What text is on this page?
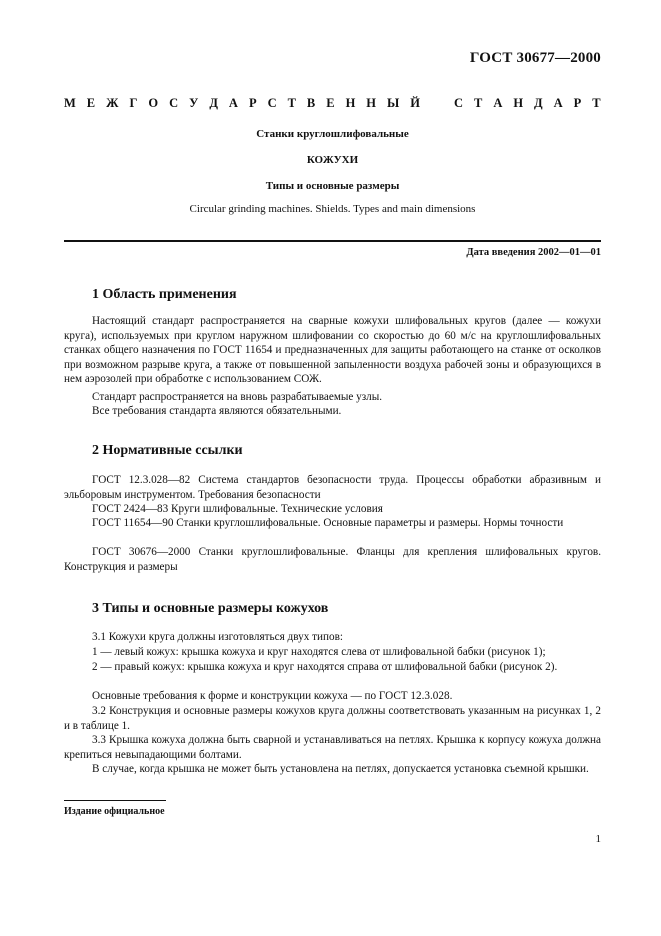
ГОСТ 30677—2000
М Е Ж Г О С У Д А Р С Т В Е Н Н Ы Й	С Т А Н Д А Р Т
Станки круглошлифовальные
КОЖУХИ
Типы и основные размеры
Circular grinding machines. Shields. Types and main dimensions
Дата введения 2002—01—01
1 Область применения

Настоящий стандарт распространяется на сварные кожухи шлифовальных кругов (далее — кожухи круга), используемых при круглом наружном шлифовании со скоростью до 60 м/с на круглошлифовальных станках общего назначения по ГОСТ 11654 и предназначенных для защиты работающего на станке от осколков при возможном разрыве круга, а также от повышенной запыленности воздуха рабочей зоны и образующихся в нем аэрозолей при обработке с использованием СОЖ.

Стандарт распространяется на вновь разрабатываемые узлы.

Все требования стандарта являются обязательными.

2 Нормативные ссылки

ГОСТ 12.3.028—82 Система стандартов безопасности труда. Процессы обработки абразивным и эльборовым инструментом. Требования безопасности

ГОСТ 2424—83 Круги шлифовальные. Технические условия

ГОСТ 11654—90 Станки круглошлифовальные. Основные параметры и размеры. Нормы точности

ГОСТ 30676—2000 Станки круглошлифовальные. Фланцы для крепления шлифовальных кругов. Конструкция и размеры

3 Типы и основные размеры кожухов

3.1 Кожухи круга должны изготовляться двух типов:

1 — левый кожух: крышка кожуха и круг находятся слева от шлифовальной бабки (рисунок 1);

2 — правый кожух: крышка кожуха и круг находятся справа от шлифовальной бабки (рисунок 2).

Основные требования к форме и конструкции кожуха — по ГОСТ 12.3.028.

3.2 Конструкция и основные размеры кожухов круга должны соответствовать указанным на рисунках 1, 2 и в таблице 1.

3.3 Крышка кожуха должна быть сварной и устанавливаться на петлях. Крышка к корпусу кожуха должна крепиться невыпадающими болтами.

В случае, когда крышка не может быть установлена на петлях, допускается установка съемной крышки.

Издание официальное
1
